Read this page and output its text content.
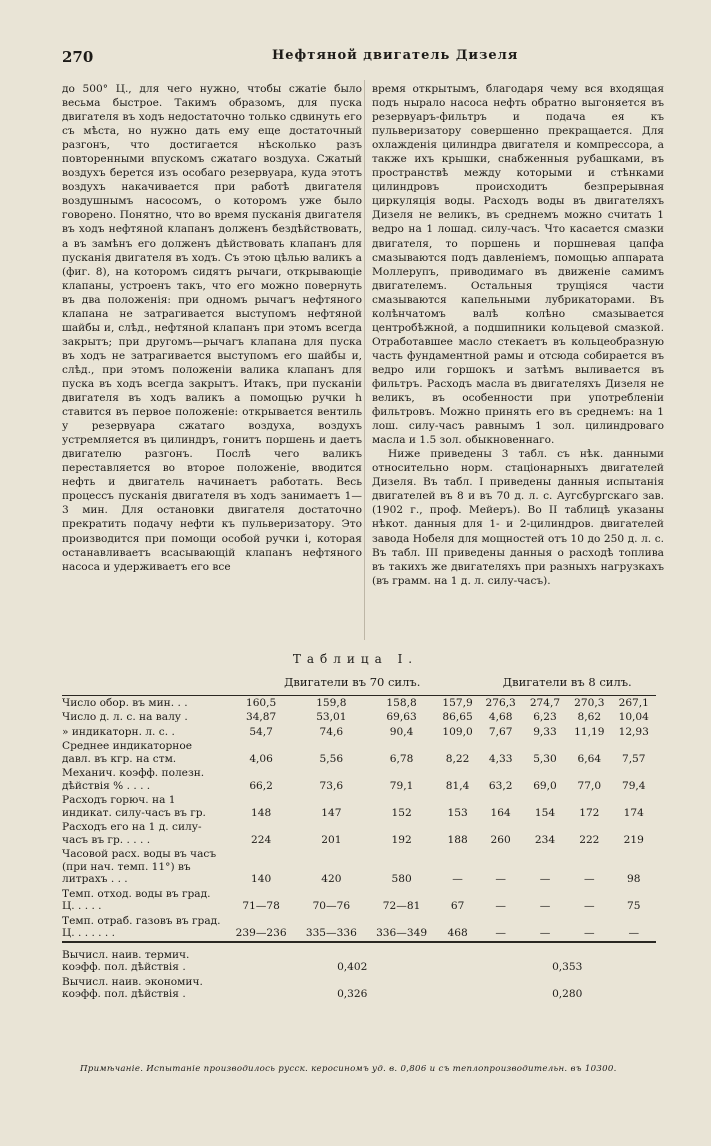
270	Нефтяной двигатель Дизеля

до 500° Ц., для чего нужно, чтобы сжатіе было весьма быстрое. Такимъ образомъ, для пуска двигателя въ ходъ недостаточно только сдвинуть его съ мѣста, но нужно дать ему еще достаточный разгонъ, что достигается нѣсколько разъ повторенными впускомъ сжатаго воздуха. Сжатый воздухъ берется изъ особаго резервуара, куда этотъ воздухъ накачивается при работѣ двигателя воздушнымъ насосомъ, о которомъ уже было говорено. Понятно, что во время пусканія двигателя въ ходъ нефтяной клапанъ долженъ бездѣйствовать, а въ замѣнъ его долженъ дѣйствовать клапанъ для пусканія двигателя въ ходъ. Съ этою цѣлью валикъ a (фиг. 8), на которомъ сидятъ рычаги, открывающіе клапаны, устроенъ такъ, что его можно повернуть въ два положенія: при одномъ рычагъ нефтяного клапана не затрагивается выступомъ нефтяной шайбы и, слѣд., нефтяной клапанъ при этомъ всегда закрытъ; при другомъ—рычагъ клапана для пуска въ ходъ не затрагивается выступомъ его шайбы и, слѣд., при этомъ положеніи валика клапанъ для пуска въ ходъ всегда закрытъ. Итакъ, при пусканіи двигателя въ ходъ валикъ a помощью ручки h ставится въ первое положеніе: открывается вентиль у резервуара сжатаго воздуха, воздухъ устремляется въ цилиндръ, гонитъ поршень и даетъ двигателю разгонъ. Послѣ чего валикъ переставляется во второе положеніе, вводится нефть и двигатель начинаетъ работать. Весь процессъ пусканія двигателя въ ходъ занимаетъ 1—3 мин. Для остановки двигателя достаточно прекратить подачу нефти къ пульверизатору. Это производится при помощи особой ручки i, которая останавливаетъ всасывающій клапанъ нефтяного насоса и удерживаетъ его все

время открытымъ, благодаря чему вся входящая подъ нырало насоса нефть обратно выгоняется въ резервуаръ-фильтръ и подача ея къ пульверизатору совершенно прекращается. Для охлажденія цилиндра двигателя и компрессора, а также ихъ крышки, снабженныя рубашками, въ пространствѣ между которыми и стѣнками цилиндровъ происходитъ безпрерывная циркуляція воды. Расходъ воды въ двигателяхъ Дизеля не великъ, въ среднемъ можно считать 1 ведро на 1 лошад. силу-часъ. Что касается смазки двигателя, то поршень и поршневая цапфа смазываются подъ давленіемъ, помощью аппарата Моллерупъ, приводимаго въ движеніе самимъ двигателемъ. Остальныя трущіяся части смазываются капельными лубрикаторами. Въ колѣнчатомъ валѣ колѣно смазывается центробѣжной, а подшипники кольцевой смазкой. Отработавшее масло стекаетъ въ кольцеобразную часть фундаментной рамы и отсюда собирается въ ведро или горшокъ и затѣмъ выливается въ фильтръ. Расходъ масла въ двигателяхъ Дизеля не великъ, въ особенности при употребленіи фильтровъ. Можно принять его въ среднемъ: на 1 лош. силу-часъ равнымъ 1 зол. цилиндроваго масла и 1.5 зол. обыкновеннаго.

Ниже приведены 3 табл. съ нѣк. данными относительно норм. стаціонарныхъ двигателей Дизеля. Въ табл. I приведены данныя испытанія двигателей въ 8 и въ 70 д. л. с. Аугсбургскаго зав. (1902 г., проф. Мейеръ). Во II таблицѣ указаны нѣкот. данныя для 1- и 2-цилиндров. двигателей завода Нобеля для мощностей отъ 10 до 250 д. л. с. Въ табл. III приведены данныя о расходѣ топлива въ такихъ же двигателяхъ при разныхъ нагрузкахъ (въ грамм. на 1 д. л. силу-часъ).

Таблица I.
	Двигатели въ 70 силъ.				Двигатели въ 8 силъ.			
Число обор. въ мин. . .	160,5	159,8	158,8	157,9	276,3	274,7	270,3	267,1
Число д. л. с. на валу .	34,87	53,01	69,63	86,65	4,68	6,23	8,62	10,04
» индикаторн. л. с. .	54,7	74,6	90,4	109,0	7,67	9,33	11,19	12,93
Среднее индикаторное давл. въ кгр. на стм.	4,06	5,56	6,78	8,22	4,33	5,30	6,64	7,57
Механич. коэфф. полезн. дѣйствія % . . . .	66,2	73,6	79,1	81,4	63,2	69,0	77,0	79,4
Расходъ горюч. на 1 индикат. силу-часъ въ гр.	148	147	152	153	164	154	172	174
Расходъ его на 1 д. силу-часъ въ гр. . . . .	224	201	192	188	260	234	222	219
Часовой расх. воды въ часъ (при нач. темп. 11°) въ литрахъ . . .	140	420	580	—	—	—	—	98
Темп. отход. воды въ град. Ц. . . . .	71—78	70—76	72—81	67	—	—	—	75
Темп. отраб. газовъ въ град. Ц. . . . . . .	239—236	335—336	336—349	468	—	—	—	—
Вычисл. наив. термич. коэфф. пол. дѣйствія .	0,402				0,353			
Вычисл. наив. экономич. коэфф. пол. дѣйствія .	0,326				0,280			
Примѣчаніе. Испытаніе производилось русск. керосиномъ уд. в. 0,806 и съ теплопроизводительн. въ 10300.
